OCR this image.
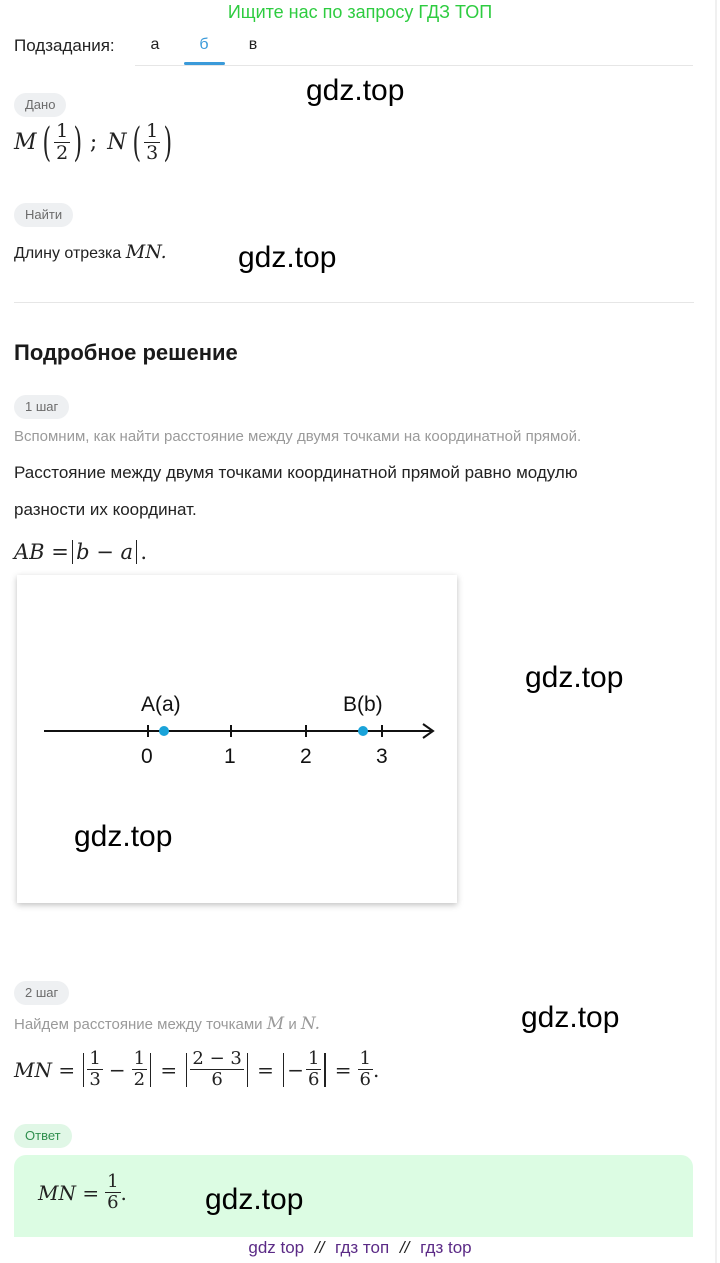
Ищите нас по запросу ГДЗ ТОП
Подзадания:	а	б	в
Дано
M ( $\frac{1}{2}$ ) ; N ( $\frac{1}{3}$ )
gdz.top
Найти
Длину отрезка MN. gdz.top
Подробное решение
1 шаг
Вспомним, как найти расстояние между двумя точками на координатной прямой.
Расстояние между двумя точками координатной прямой равно модулю
разности их координат.
AB = b − a .
0	1	2	3
A(a)	B(b)
gdz.top
gdz.top
2 шаг
Найдем расстояние между точками M и N.	gdz.top
MN = $\frac{1}{3} - \frac{1}{2} = \frac{2 - 3}{6}$ = − $\frac{1}{6} = \frac{1}{6}$ .
Ответ
MN = $\frac{1}{6}$ .	gdz.top
gdz top // гдз топ // гдз top
